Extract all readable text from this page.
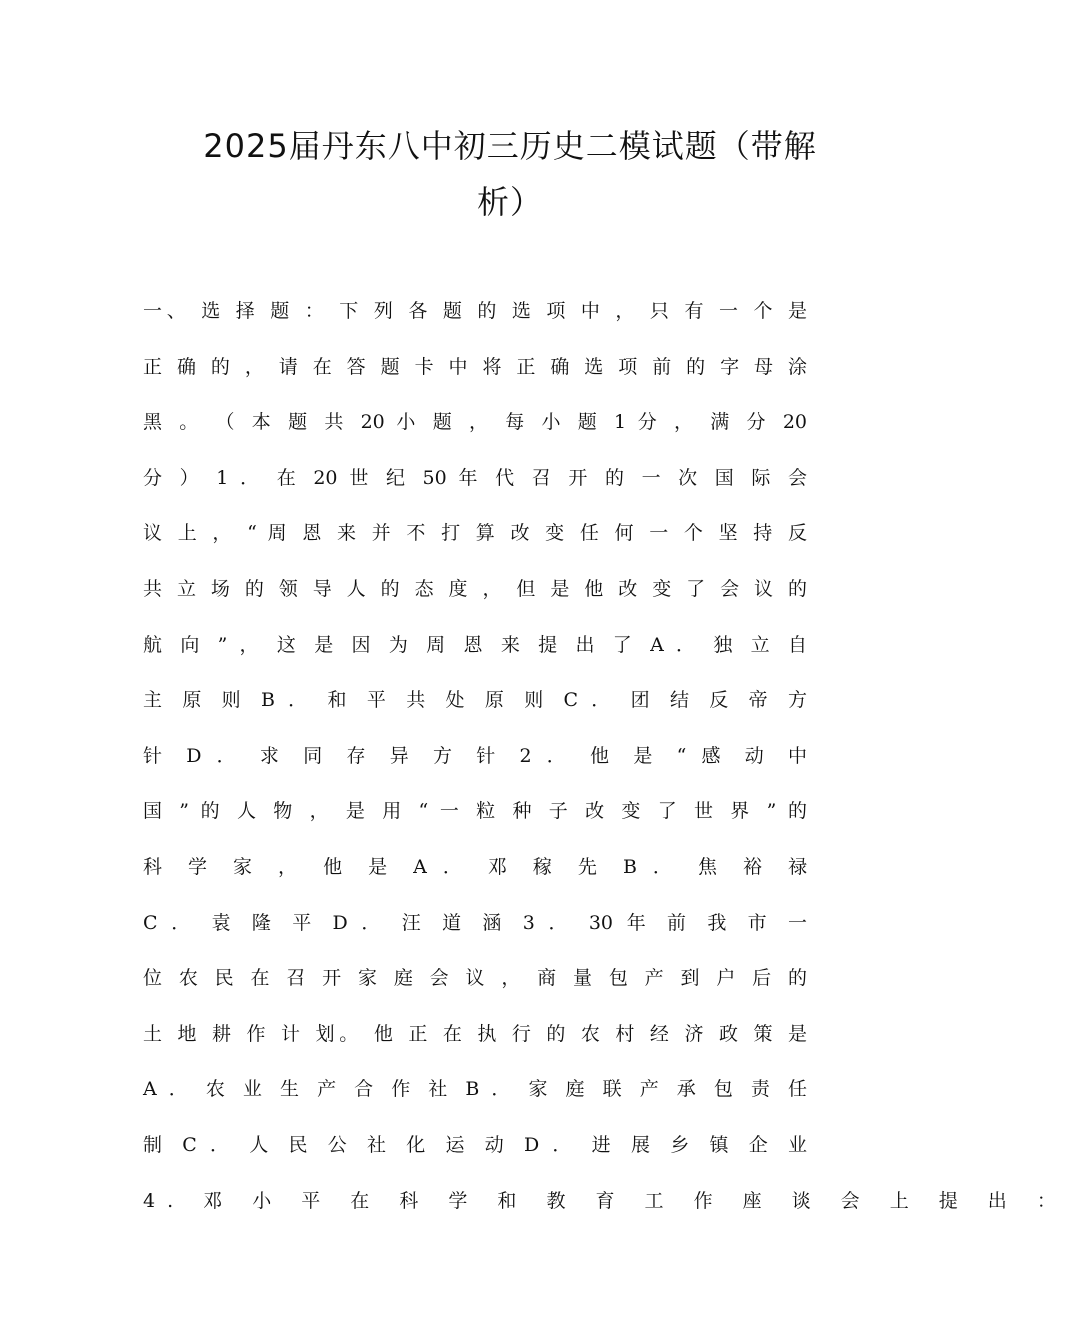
2025届丹东八中初三历史二模试题（带解析）
一、 选 择 题 ： 下 列 各 题 的 选 项 中 ， 只 有 一 个 是
正 确 的 ， 请 在 答 题 卡 中 将 正 确 选 项 前 的 字 母 涂
黑 。 （ 本 题 共 20 小 题 ， 每 小 题 1 分 ， 满 分 20
分 ） 1 ． 在 20 世 纪 50 年 代 召 开 的 一 次 国 际 会
议 上 ， “ 周 恩 来 并 不 打 算 改 变 任 何 一 个 坚 持 反
共 立 场 的 领 导 人 的 态 度 ， 但 是 他 改 变 了 会 议 的
航 向 ” ， 这 是 因 为 周 恩 来 提 出 了 A ． 独 立 自
主 原 则 B ． 和 平 共 处 原 则 C ． 团 结 反 帝 方
针 D ． 求 同 存 异 方 针 2 ． 他 是 “ 感 动 中
国 ” 的 人 物 ， 是 用 “ 一 粒 种 子 改 变 了 世 界 ” 的
科 学 家 ， 他 是 A ． 邓 稼 先 B ． 焦 裕 禄
C ． 袁 隆 平 D ． 汪 道 涵 3 ． 30 年 前 我 市 一
位 农 民 在 召 开 家 庭 会 议 ， 商 量 包 产 到 户 后 的
土 地 耕 作 计 划。 他 正 在 执 行 的 农 村 经 济 政 策 是
A ． 农 业 生 产 合 作 社 B ． 家 庭 联 产 承 包 责 任
制 C ． 人 民 公 社 化 运 动 D ． 进 展 乡 镇 企 业
4. 邓 小 平 在 科 学 和 教 育 工 作 座 谈 会 上 提 出 ：
